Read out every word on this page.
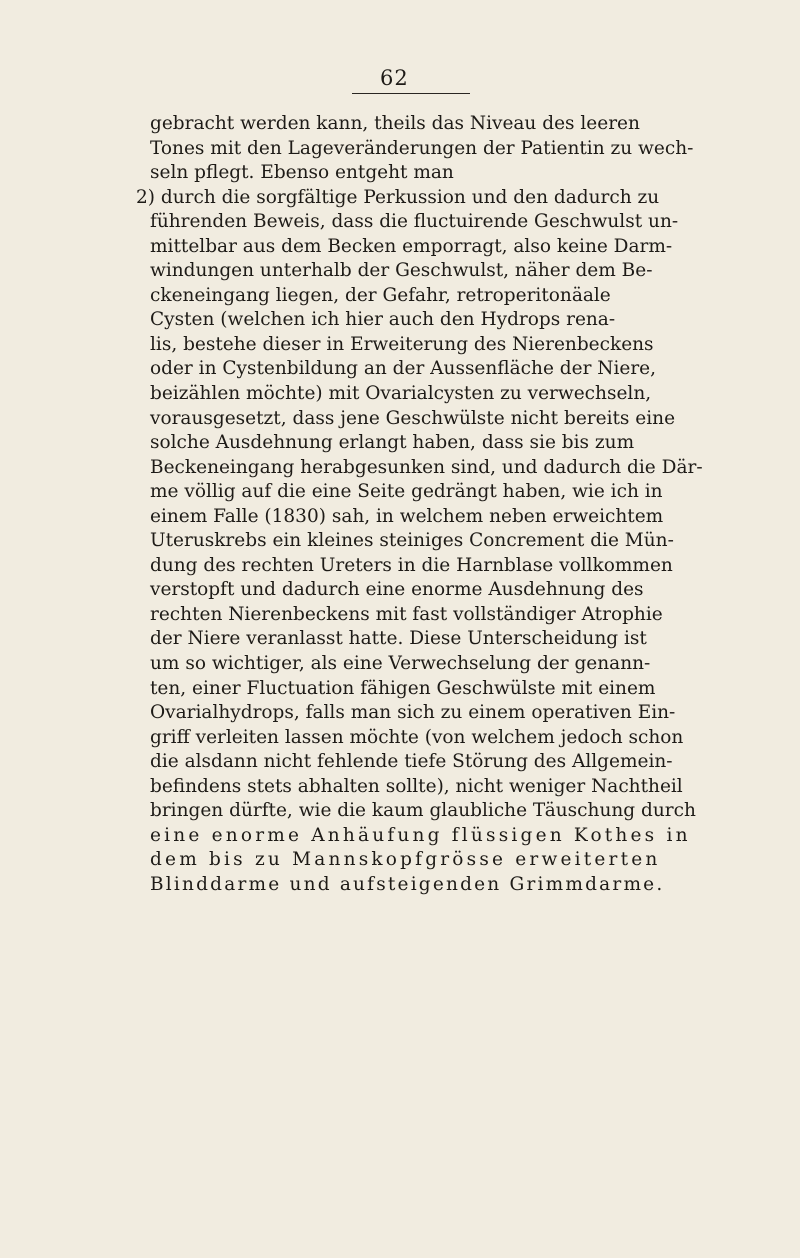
62
gebracht werden kann, theils das Niveau des leeren
Tones mit den Lageveränderungen der Patientin zu wech-
seln pflegt. Ebenso entgeht man
2) durch die sorgfältige Perkussion und den dadurch zu
führenden Beweis, dass die fluctuirende Geschwulst un-
mittelbar aus dem Becken emporragt, also keine Darm-
windungen unterhalb der Geschwulst, näher dem Be-
ckeneingang liegen, der Gefahr, retroperitonäale
Cysten (welchen ich hier auch den Hydrops rena-
lis, bestehe dieser in Erweiterung des Nierenbeckens
oder in Cystenbildung an der Aussenfläche der Niere,
beizählen möchte) mit Ovarialcysten zu verwechseln,
vorausgesetzt, dass jene Geschwülste nicht bereits eine
solche Ausdehnung erlangt haben, dass sie bis zum
Beckeneingang herabgesunken sind, und dadurch die Där-
me völlig auf die eine Seite gedrängt haben, wie ich in
einem Falle (1830) sah, in welchem neben erweichtem
Uteruskrebs ein kleines steiniges Concrement die Mün-
dung des rechten Ureters in die Harnblase vollkommen
verstopft und dadurch eine enorme Ausdehnung des
rechten Nierenbeckens mit fast vollständiger Atrophie
der Niere veranlasst hatte. Diese Unterscheidung ist
um so wichtiger, als eine Verwechselung der genann-
ten, einer Fluctuation fähigen Geschwülste mit einem
Ovarialhydrops, falls man sich zu einem operativen Ein-
griff verleiten lassen möchte (von welchem jedoch schon
die alsdann nicht fehlende tiefe Störung des Allgemein-
befindens stets abhalten sollte), nicht weniger Nachtheil
bringen dürfte, wie die kaum glaubliche Täuschung durch
eine enorme Anhäufung flüssigen Kothes in
dem bis zu Mannskopfgrösse erweiterten
Blinddarme und aufsteigenden Grimmdarme.
